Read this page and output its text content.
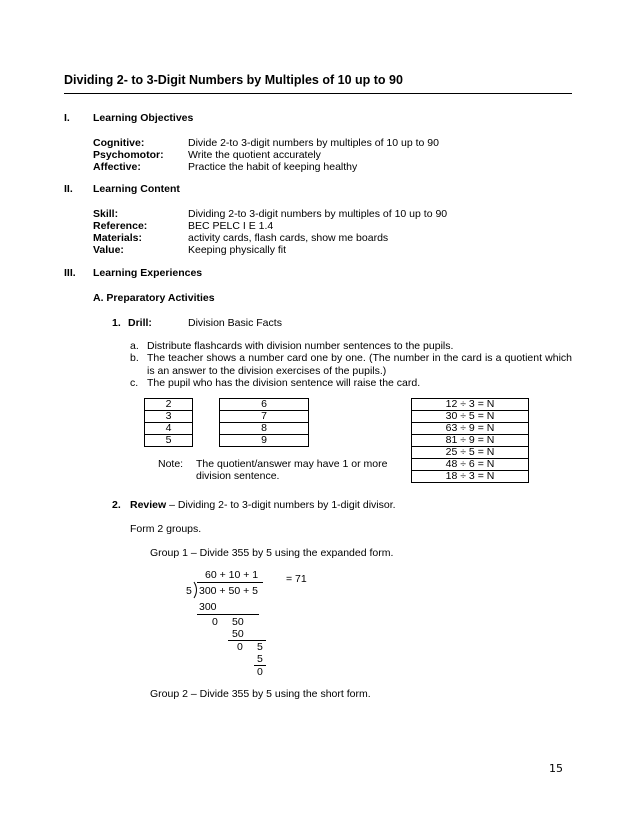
Dividing 2- to 3-Digit Numbers by Multiples of 10 up to 90
I. Learning Objectives
Cognitive:	Divide 2-to 3-digit numbers by multiples of 10 up to 90
Psychomotor: Write the quotient accurately
Affective:	Practice the habit of keeping healthy
II. Learning Content
Skill:	Dividing 2-to 3-digit numbers by multiples of 10 up to 90
Reference:	BEC PELC I E 1.4
Materials:	activity cards, flash cards, show me boards
Value:	Keeping physically fit
III. Learning Experiences
A. Preparatory Activities
1. Drill:	Division Basic Facts
a. Distribute flashcards with division number sentences to the pupils.
b. The teacher shows a number card one by one. (The number in the card is a quotient which is an answer to the division exercises of the pupils.)
c. The pupil who has the division sentence will raise the card.
2
3
4
5
6
7
8
9
12 ÷ 3 = N
30 ÷ 5 = N
63 ÷ 9 = N
81 ÷ 9 = N
25 ÷ 5 = N
48 ÷ 6 = N
18 ÷ 3 = N
Note: The quotient/answer may have 1 or more
division sentence.
2. Review – Dividing 2- to 3-digit numbers by 1-digit divisor.
Form 2 groups.
Group 1 – Divide 355 by 5 using the expanded form.
60 + 10 + 1	= 71
5 300 + 50 + 5
300
0 50
50
0 5
5
0
Group 2 – Divide 355 by 5 using the short form.
15
